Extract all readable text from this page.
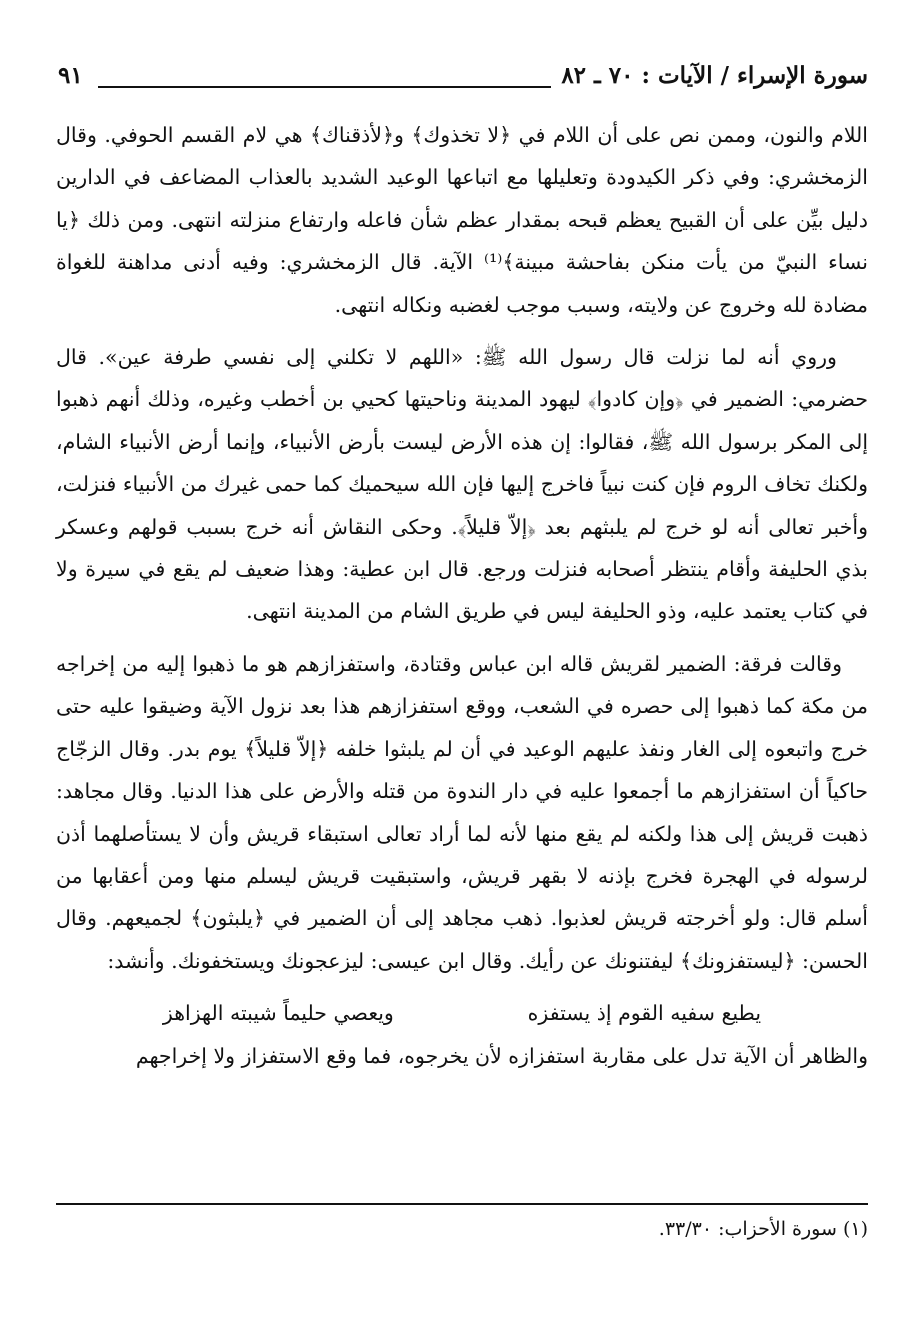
سورة الإسراء / الآيات : ٧٠ ـ ٨٢
٩١

اللام والنون، وممن نص على أن اللام في ﴿لا تخذوك﴾ و﴿لأذقناك﴾ هي لام القسم الحوفي. وقال الزمخشري: وفي ذكر الكيدودة وتعليلها مع اتباعها الوعيد الشديد بالعذاب المضاعف في الدارين دليل بيِّن على أن القبيح يعظم قبحه بمقدار عظم شأن فاعله وارتفاع منزلته انتهى. ومن ذلك ﴿يا نساء النبيّ من يأت منكن بفاحشة مبينة﴾⁽¹⁾ الآية. قال الزمخشري: وفيه أدنى مداهنة للغواة مضادة لله وخروج عن ولايته، وسبب موجب لغضبه ونكاله انتهى.

وروي أنه لما نزلت قال رسول الله ﷺ: «اللهم لا تكلني إلى نفسي طرفة عين». قال حضرمي: الضمير في ﴿وإن كادوا﴾ ليهود المدينة وناحيتها كحيي بن أخطب وغيره، وذلك أنهم ذهبوا إلى المكر برسول الله ﷺ، فقالوا: إن هذه الأرض ليست بأرض الأنبياء، وإنما أرض الأنبياء الشام، ولكنك تخاف الروم فإن كنت نبياً فاخرج إليها فإن الله سيحميك كما حمى غيرك من الأنبياء فنزلت، وأخبر تعالى أنه لو خرج لم يلبثهم بعد ﴿إلاّ قليلاً﴾. وحكى النقاش أنه خرج بسبب قولهم وعسكر بذي الحليفة وأقام ينتظر أصحابه فنزلت ورجع. قال ابن عطية: وهذا ضعيف لم يقع في سيرة ولا في كتاب يعتمد عليه، وذو الحليفة ليس في طريق الشام من المدينة انتهى.

وقالت فرقة: الضمير لقريش قاله ابن عباس وقتادة، واستفزازهم هو ما ذهبوا إليه من إخراجه من مكة كما ذهبوا إلى حصره في الشعب، ووقع استفزازهم هذا بعد نزول الآية وضيقوا عليه حتى خرج واتبعوه إلى الغار ونفذ عليهم الوعيد في أن لم يلبثوا خلفه ﴿إلاّ قليلاً﴾ يوم بدر. وقال الزجّاج حاكياً أن استفزازهم ما أجمعوا عليه في دار الندوة من قتله والأرض على هذا الدنيا. وقال مجاهد: ذهبت قريش إلى هذا ولكنه لم يقع منها لأنه لما أراد تعالى استبقاء قريش وأن لا يستأصلهما أذن لرسوله في الهجرة فخرج بإذنه لا بقهر قريش، واستبقيت قريش ليسلم منها ومن أعقابها من أسلم قال: ولو أخرجته قريش لعذبوا. ذهب مجاهد إلى أن الضمير في ﴿يلبثون﴾ لجميعهم. وقال الحسن: ﴿ليستفزونك﴾ ليفتنونك عن رأيك. وقال ابن عيسى: ليزعجونك ويستخفونك. وأنشد:

يطيع سفيه القوم إذ يستفزه
ويعصي حليماً شيبته الهزاهز

والظاهر أن الآية تدل على مقاربة استفزازه لأن يخرجوه، فما وقع الاستفزاز ولا إخراجهم

(١) سورة الأحزاب: ٣٣/٣٠.
